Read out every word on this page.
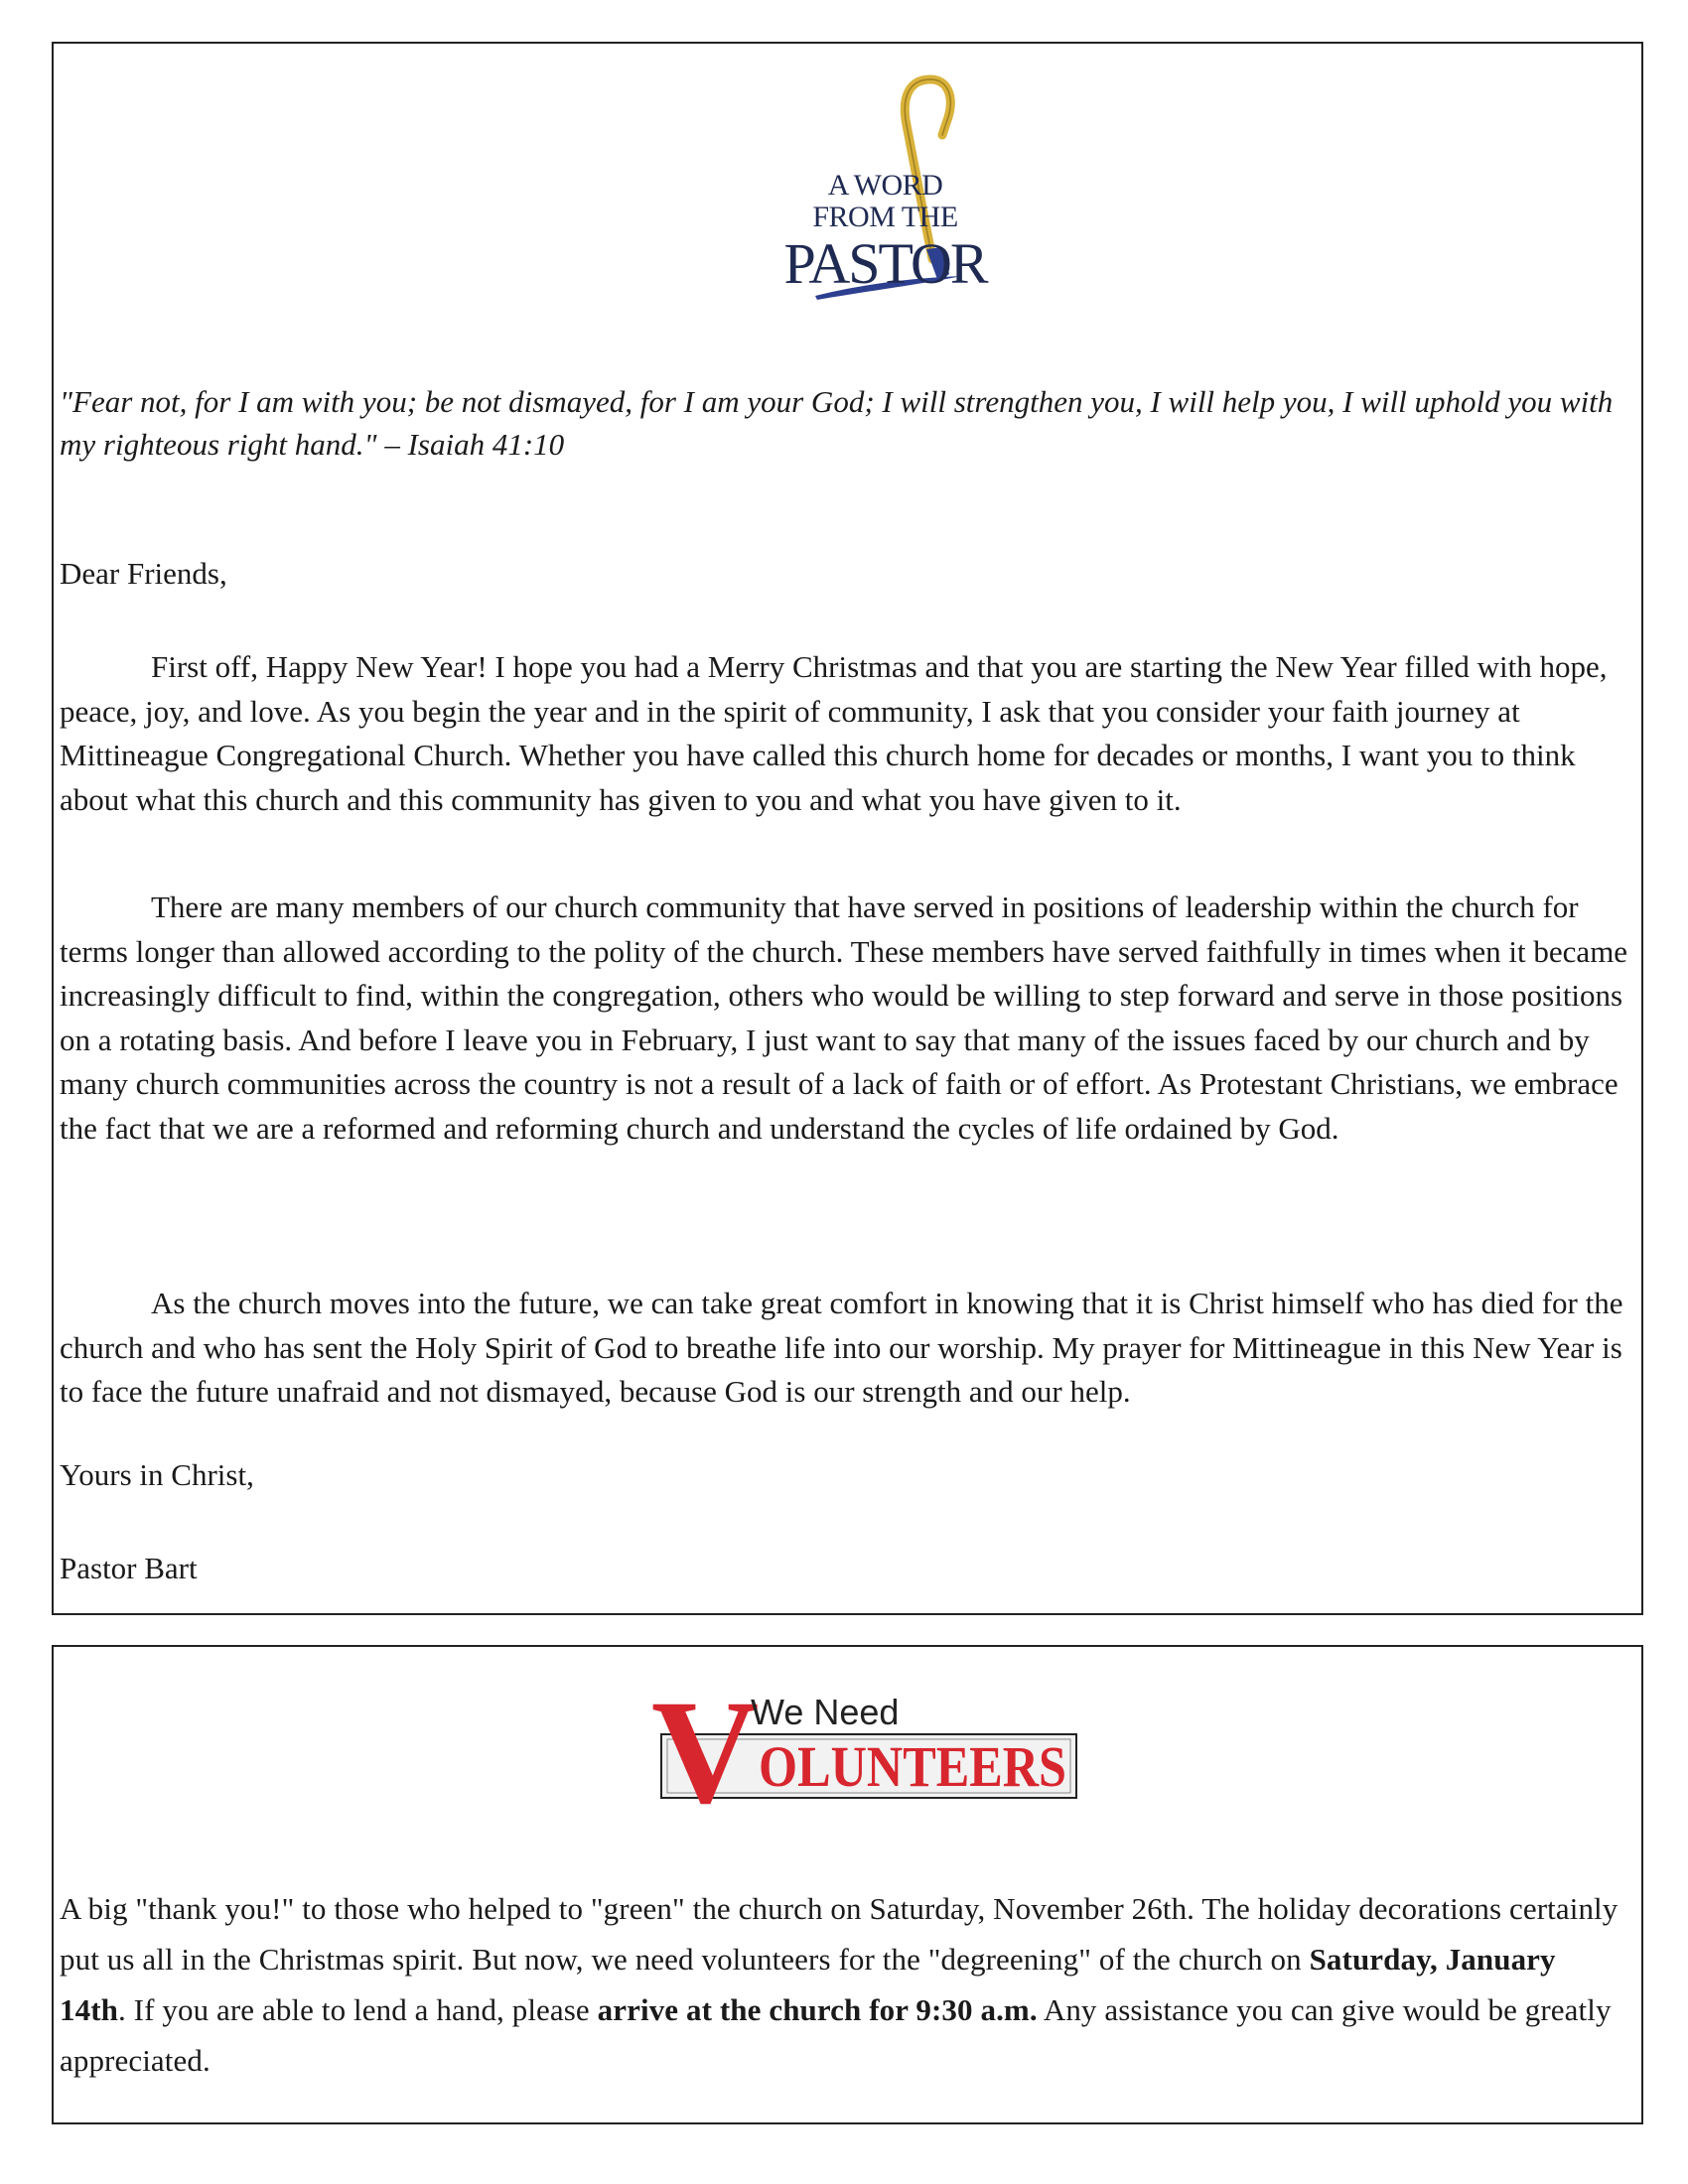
A WORD
FROM THE
PASTOR

"Fear not, for I am with you; be not dismayed, for I am your God; I will strengthen you, I will help you, I will uphold you with my righteous right hand." – Isaiah 41:10

Dear Friends,

First off, Happy New Year! I hope you had a Merry Christmas and that you are starting the New Year filled with hope, peace, joy, and love. As you begin the year and in the spirit of community, I ask that you consider your faith journey at Mittineague Congregational Church. Whether you have called this church home for decades or months, I want you to think about what this church and this community has given to you and what you have given to it.

There are many members of our church community that have served in positions of leadership within the church for terms longer than allowed according to the polity of the church. These members have served faithfully in times when it became increasingly difficult to find, within the congregation, others who would be willing to step forward and serve in those positions on a rotating basis. And before I leave you in February, I just want to say that many of the issues faced by our church and by many church communities across the country is not a result of a lack of faith or of effort. As Protestant Christians, we embrace the fact that we are a reformed and reforming church and understand the cycles of life ordained by God.

As the church moves into the future, we can take great comfort in knowing that it is Christ himself who has died for the church and who has sent the Holy Spirit of God to breathe life into our worship. My prayer for Mittineague in this New Year is to face the future unafraid and not dismayed, because God is our strength and our help.

Yours in Christ,

Pastor Bart

V OLUNTEERS
We Need

A big "thank you!" to those who helped to "green" the church on Saturday, November 26th. The holiday decorations certainly put us all in the Christmas spirit. But now, we need volunteers for the "degreening" of the church on Saturday, January 14th. If you are able to lend a hand, please arrive at the church for 9:30 a.m. Any assistance you can give would be greatly appreciated.
